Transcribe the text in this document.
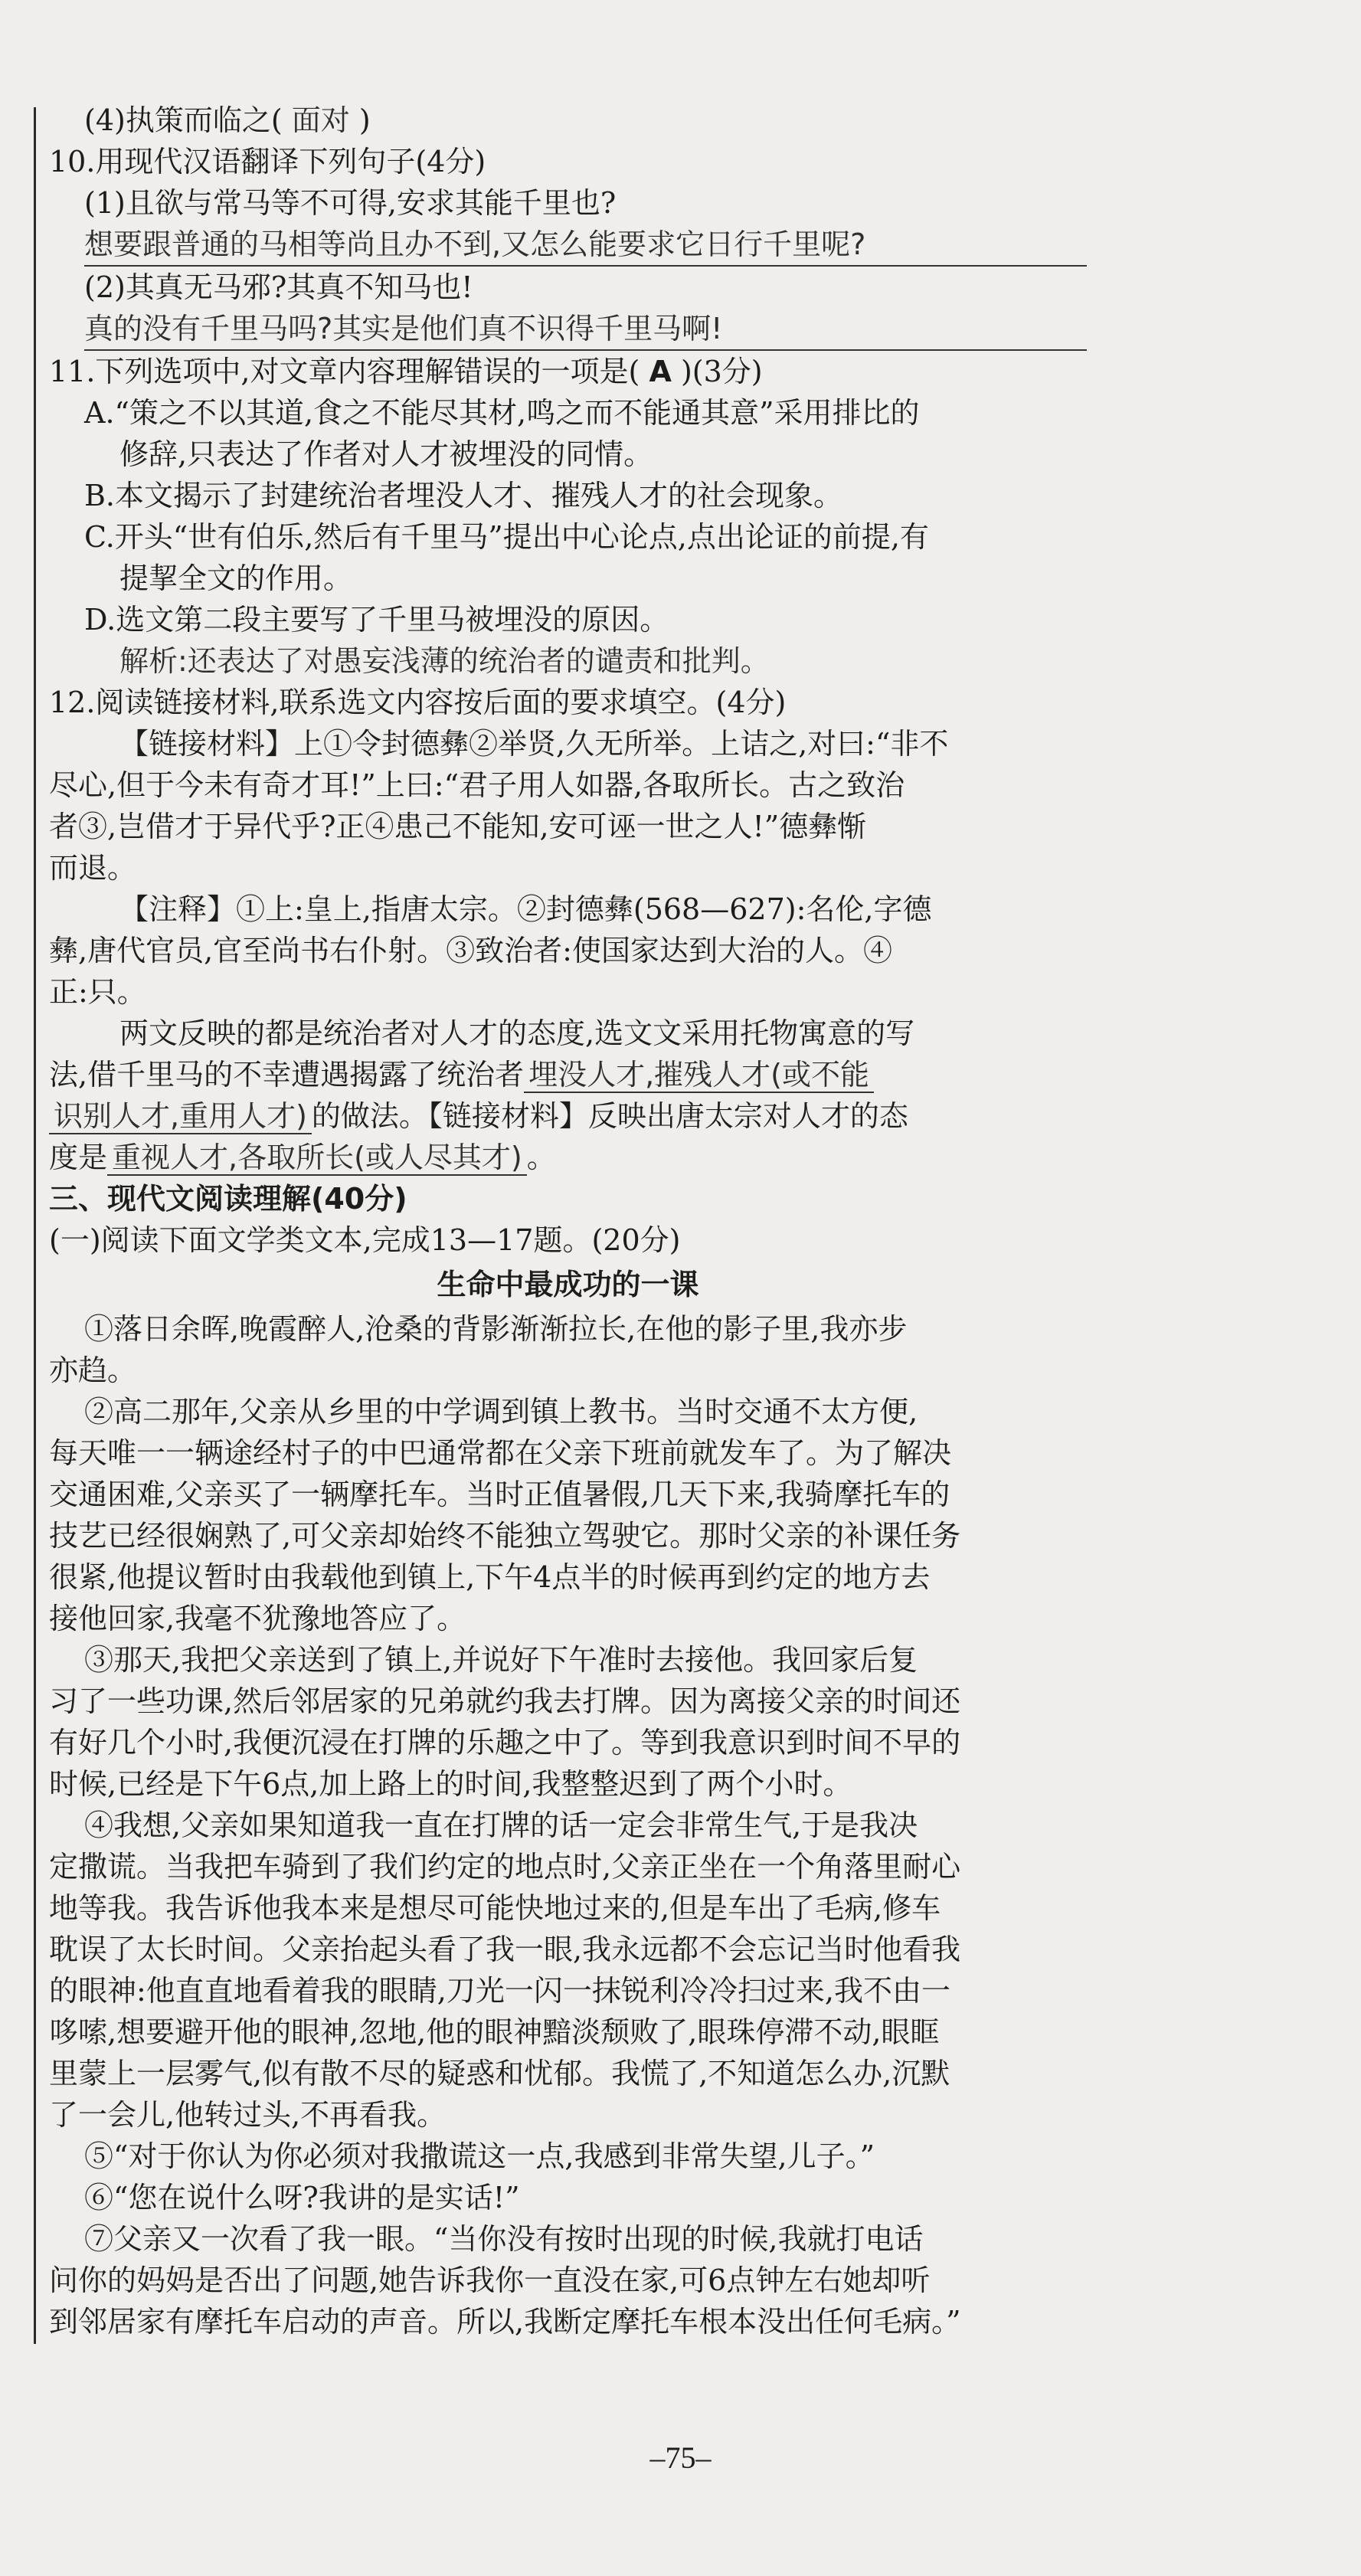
(4)执策而临之( 面对 )

10.用现代汉语翻译下列句子(4分)

(1)且欲与常马等不可得,安求其能千里也?

想要跟普通的马相等尚且办不到,又怎么能要求它日行千里呢?

(2)其真无马邪?其真不知马也!

真的没有千里马吗?其实是他们真不识得千里马啊!

11.下列选项中,对文章内容理解错误的一项是( A )(3分)

A.“策之不以其道,食之不能尽其材,鸣之而不能通其意”采用排比的

修辞,只表达了作者对人才被埋没的同情。

B.本文揭示了封建统治者埋没人才、摧残人才的社会现象。

C.开头“世有伯乐,然后有千里马”提出中心论点,点出论证的前提,有

提挈全文的作用。

D.选文第二段主要写了千里马被埋没的原因。

解析:还表达了对愚妄浅薄的统治者的谴责和批判。

12.阅读链接材料,联系选文内容按后面的要求填空。(4分)

【链接材料】上①令封德彝②举贤,久无所举。上诘之,对曰:“非不

尽心,但于今未有奇才耳!”上曰:“君子用人如器,各取所长。古之致治

者③,岂借才于异代乎?正④患己不能知,安可诬一世之人!”德彝惭

而退。

【注释】①上:皇上,指唐太宗。②封德彝(568—627):名伦,字德

彝,唐代官员,官至尚书右仆射。③致治者:使国家达到大治的人。④

正:只。

两文反映的都是统治者对人才的态度,选文文采用托物寓意的写

法,借千里马的不幸遭遇揭露了统治者 埋没人才,摧残人才(或不能

识别人才,重用人才) 的做法。【链接材料】反映出唐太宗对人才的态

度是 重视人才,各取所长(或人尽其才) 。

三、现代文阅读理解(40分)

(一)阅读下面文学类文本,完成13—17题。(20分)

生命中最成功的一课

①落日余晖,晚霞醉人,沧桑的背影渐渐拉长,在他的影子里,我亦步

亦趋。

②高二那年,父亲从乡里的中学调到镇上教书。当时交通不太方便,

每天唯一一辆途经村子的中巴通常都在父亲下班前就发车了。为了解决

交通困难,父亲买了一辆摩托车。当时正值暑假,几天下来,我骑摩托车的

技艺已经很娴熟了,可父亲却始终不能独立驾驶它。那时父亲的补课任务

很紧,他提议暂时由我载他到镇上,下午4点半的时候再到约定的地方去

接他回家,我毫不犹豫地答应了。

③那天,我把父亲送到了镇上,并说好下午准时去接他。我回家后复

习了一些功课,然后邻居家的兄弟就约我去打牌。因为离接父亲的时间还

有好几个小时,我便沉浸在打牌的乐趣之中了。等到我意识到时间不早的

时候,已经是下午6点,加上路上的时间,我整整迟到了两个小时。

④我想,父亲如果知道我一直在打牌的话一定会非常生气,于是我决

定撒谎。当我把车骑到了我们约定的地点时,父亲正坐在一个角落里耐心

地等我。我告诉他我本来是想尽可能快地过来的,但是车出了毛病,修车

耽误了太长时间。父亲抬起头看了我一眼,我永远都不会忘记当时他看我

的眼神:他直直地看着我的眼睛,刀光一闪一抹锐利冷冷扫过来,我不由一

哆嗦,想要避开他的眼神,忽地,他的眼神黯淡颓败了,眼珠停滞不动,眼眶

里蒙上一层雾气,似有散不尽的疑惑和忧郁。我慌了,不知道怎么办,沉默

了一会儿,他转过头,不再看我。

⑤“对于你认为你必须对我撒谎这一点,我感到非常失望,儿子。”

⑥“您在说什么呀?我讲的是实话!”

⑦父亲又一次看了我一眼。“当你没有按时出现的时候,我就打电话

问你的妈妈是否出了问题,她告诉我你一直没在家,可6点钟左右她却听

到邻居家有摩托车启动的声音。所以,我断定摩托车根本没出任何毛病。”

–75–
